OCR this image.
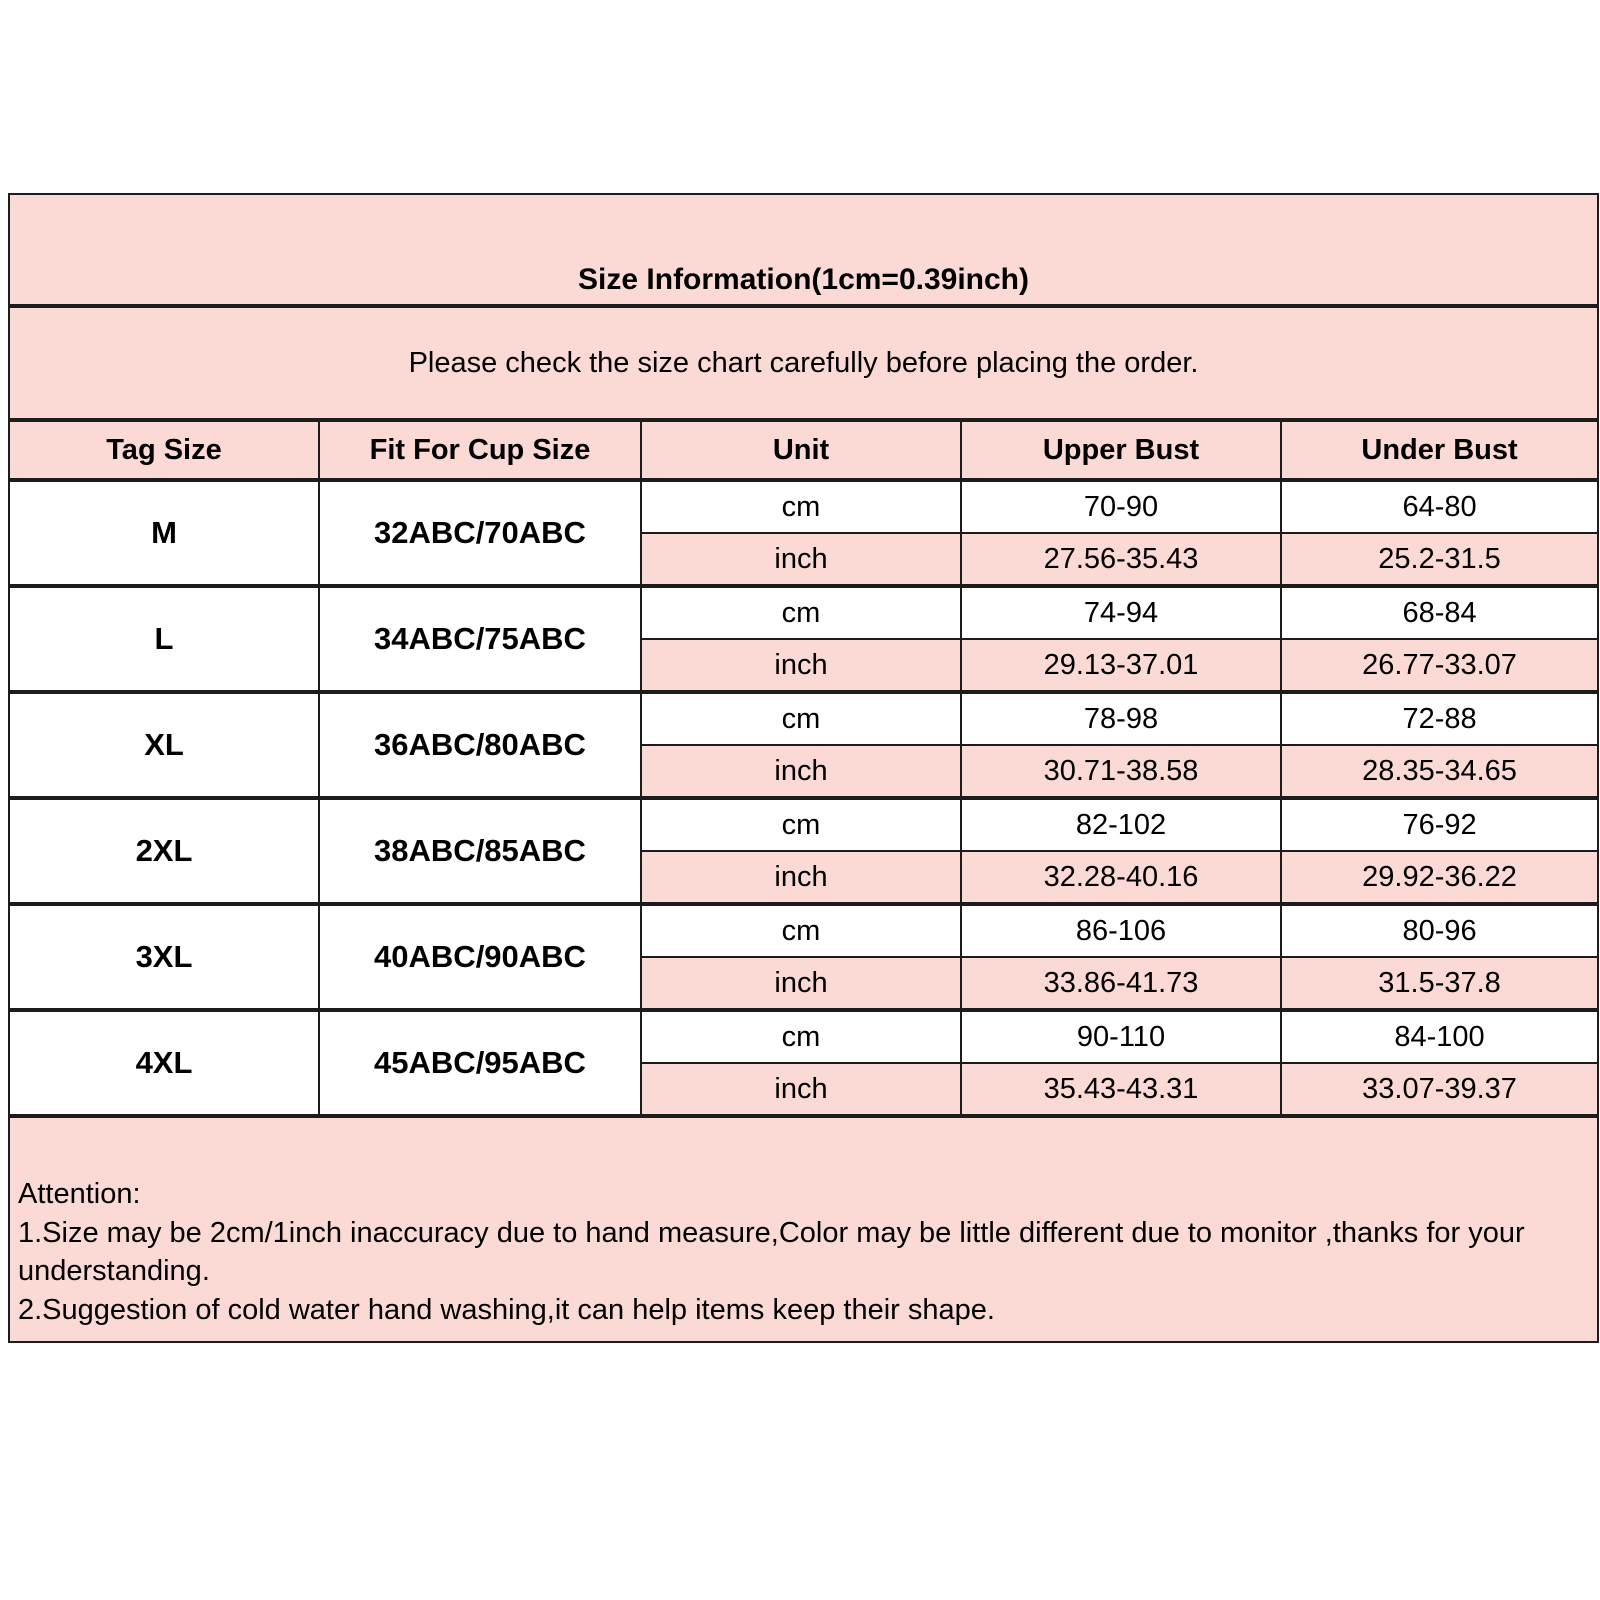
Size Information(1cm=0.39inch)				
Please check the size chart carefully before placing the order.				
Tag Size	Fit For Cup Size	Unit	Upper Bust	Under Bust
M	32ABC/70ABC	cm	70-90	64-80
		inch	27.56-35.43	25.2-31.5
L	34ABC/75ABC	cm	74-94	68-84
		inch	29.13-37.01	26.77-33.07
XL	36ABC/80ABC	cm	78-98	72-88
		inch	30.71-38.58	28.35-34.65
2XL	38ABC/85ABC	cm	82-102	76-92
		inch	32.28-40.16	29.92-36.22
3XL	40ABC/90ABC	cm	86-106	80-96
		inch	33.86-41.73	31.5-37.8
4XL	45ABC/95ABC	cm	90-110	84-100
		inch	35.43-43.31	33.07-39.37

Attention:
1.Size may be 2cm/1inch inaccuracy due to hand measure,Color may be little different due to monitor ,thanks for your understanding.
2.Suggestion of cold water hand washing,it can help items keep their shape.				
